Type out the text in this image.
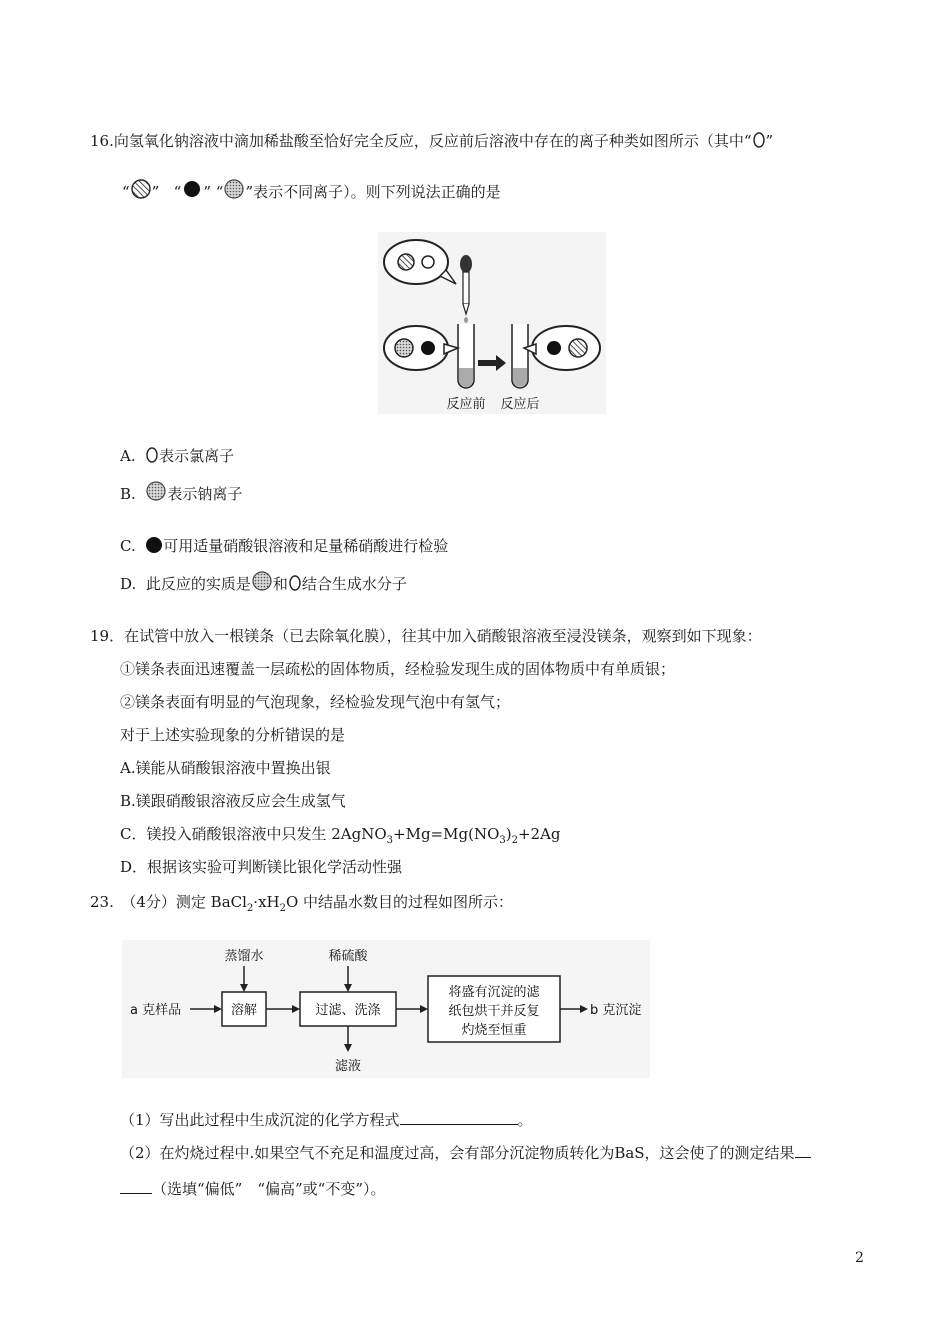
16.向氢氧化钠溶液中滴加稀盐酸至恰好完全反应，反应前后溶液中存在的离子种类如图所示（其中“ ”
“ ” “ ” “ ”表示不同离子）。则下列说法正确的是
反应前 反应后
A. 表示氯离子
B. 表示钠离子
C. 可用适量硝酸银溶液和足量稀硝酸进行检验
D. 此反应的实质是 和 结合生成水分子
19．在试管中放入一根镁条（已去除氧化膜），往其中加入硝酸银溶液至浸没镁条，观察到如下现象：
①镁条表面迅速覆盖一层疏松的固体物质，经检验发现生成的固体物质中有单质银；
②镁条表面有明显的气泡现象，经检验发现气泡中有氢气；
对于上述实验现象的分析错误的是
A.镁能从硝酸银溶液中置换出银
B.镁跟硝酸银溶液反应会生成氢气
C．镁投入硝酸银溶液中只发生 $2AgNO_3+Mg=Mg(NO_3)_2+2Ag$
D．根据该实验可判断镁比银化学活动性强
23.　（4分）测定 $BaCl_2\cdot xH_2O$ 中结晶水数目的过程如图所示：
a 克样品	溶解
蒸馏水
过滤、洗涤
稀硫酸
滤液
将盛有沉淀的滤
纸包烘干并反复
灼烧至恒重
b 克沉淀
（1）写出此过程中生成沉淀的化学方程式	。
（2）在灼烧过程中.如果空气不充足和温度过高，会有部分沉淀物质转化为BaS，这会使了的测定结果
（选填“偏低”　“偏高”或“不变”）。
2
